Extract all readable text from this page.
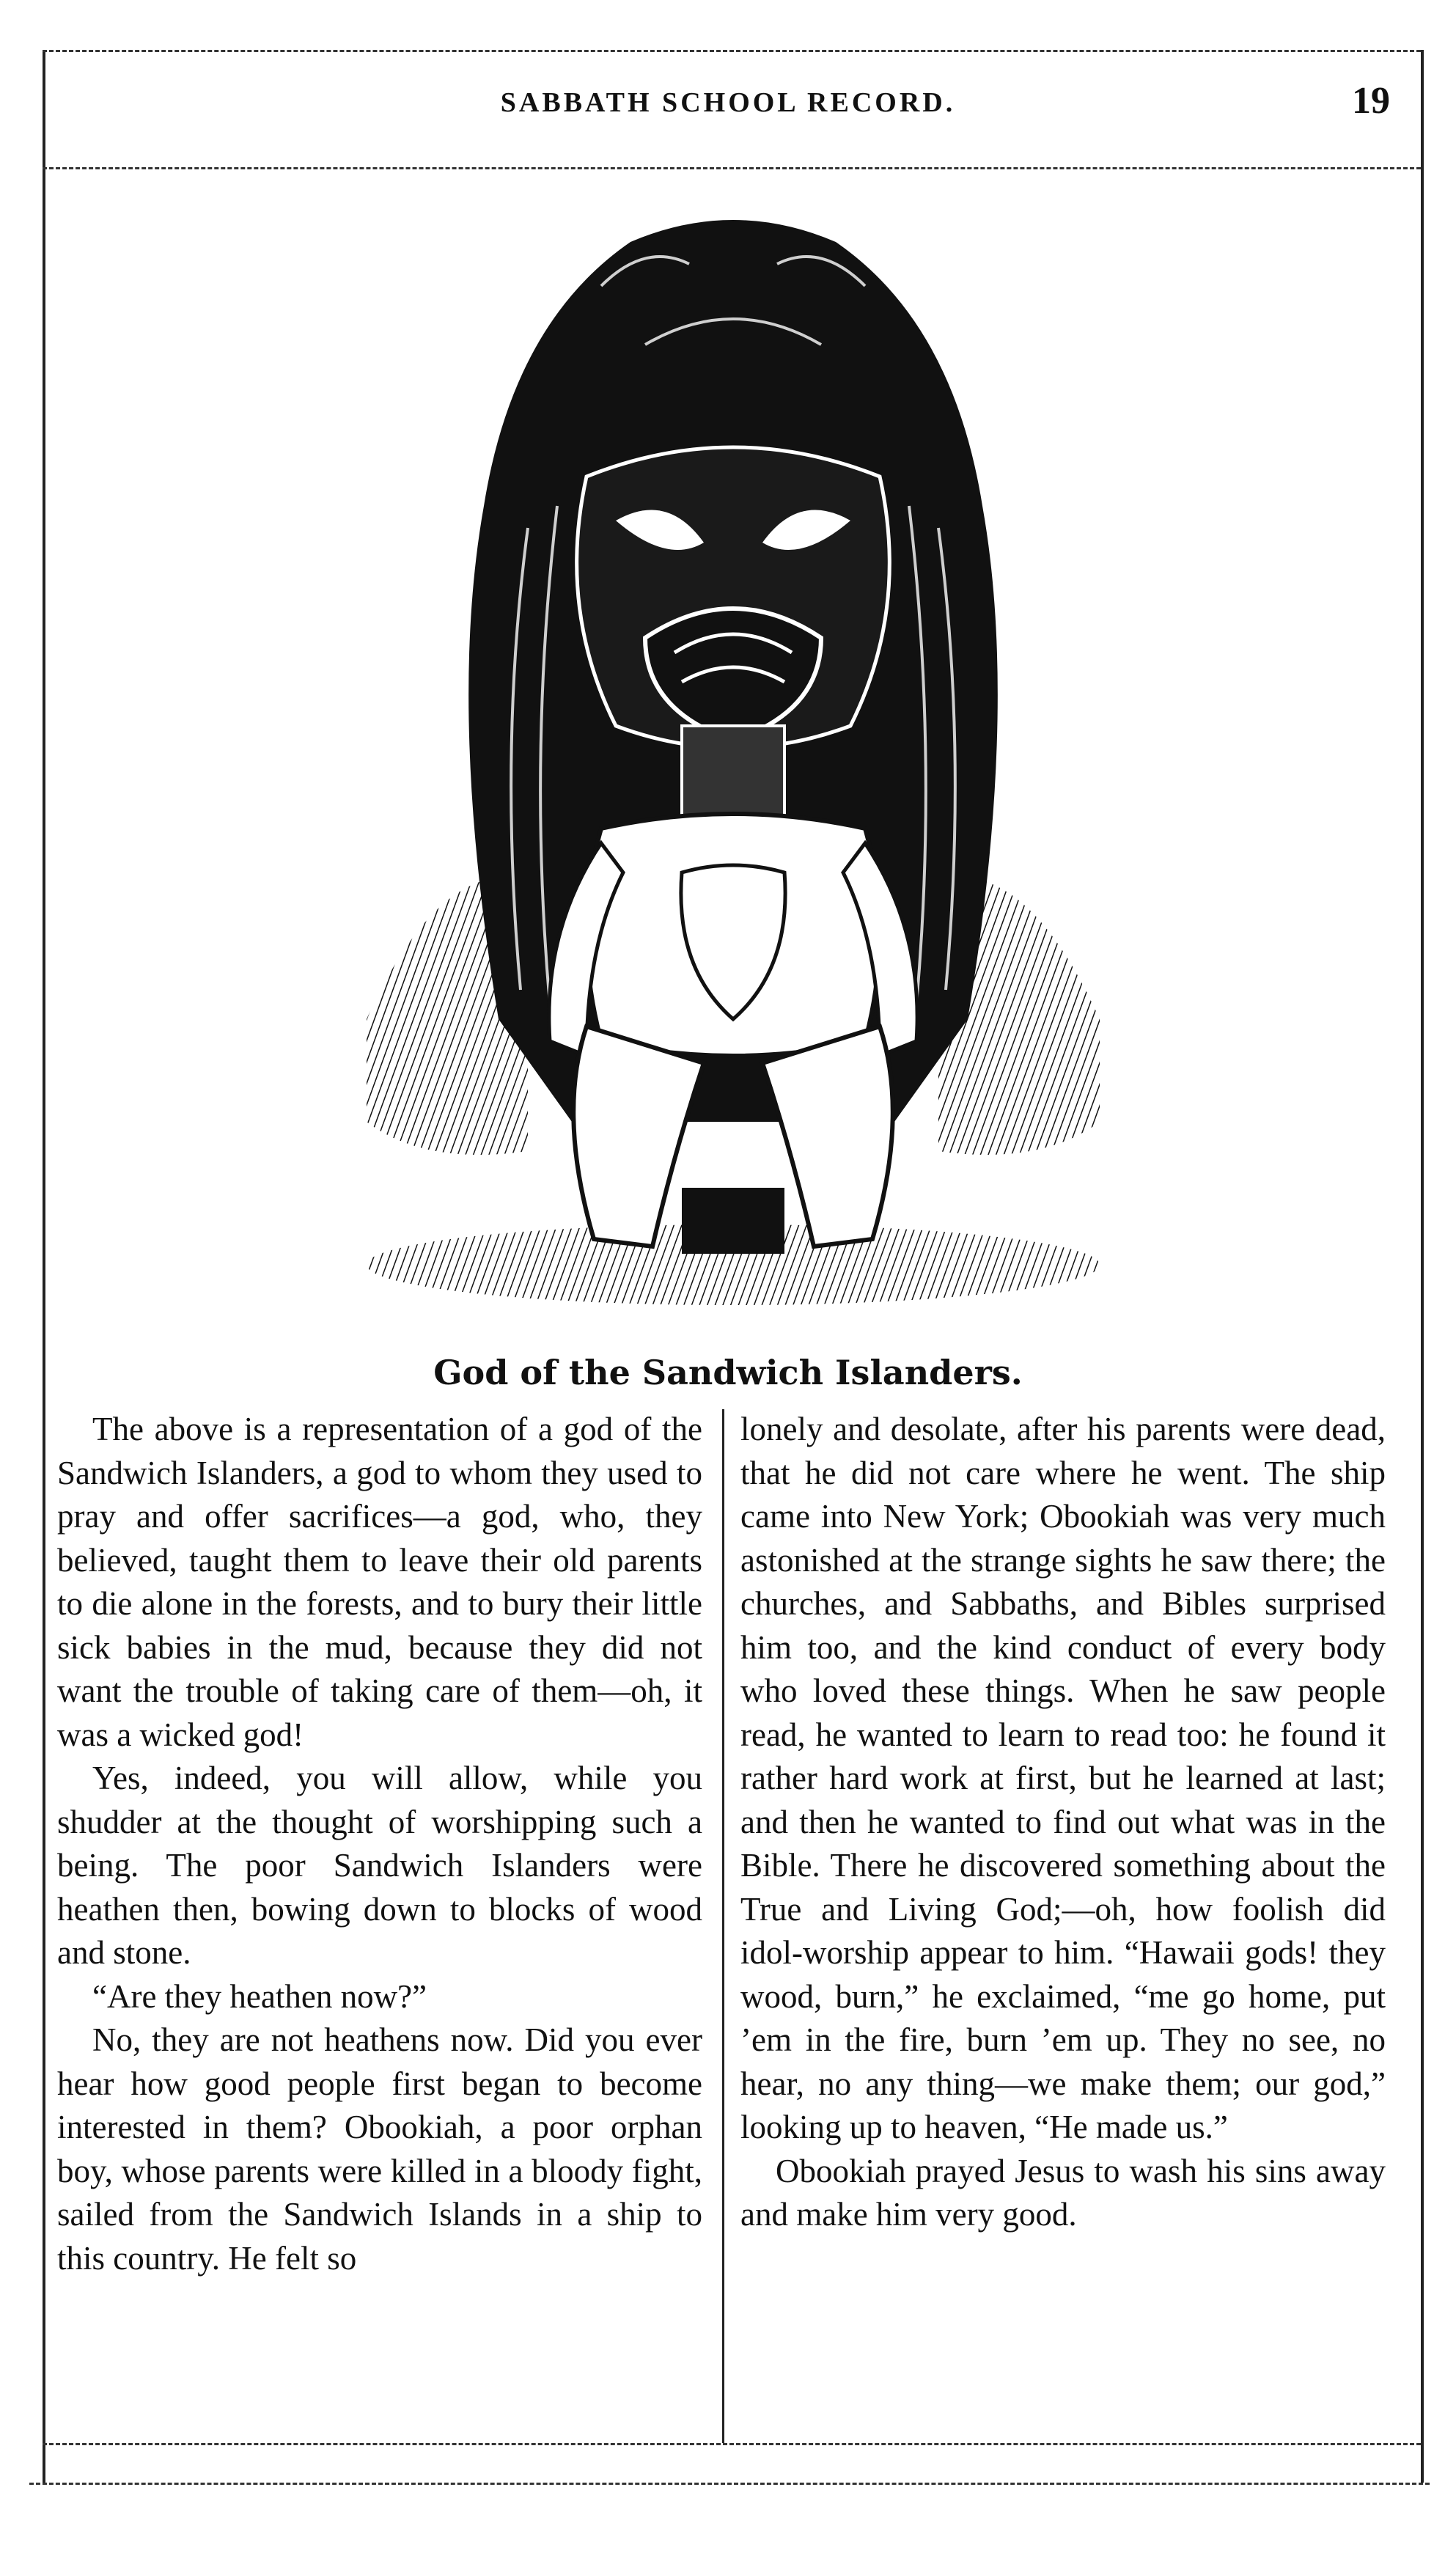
SABBATH SCHOOL RECORD.	19
God of the Sandwich Islanders.

The above is a representation of a god of the Sandwich Islanders, a god to whom they used to pray and offer sacrifices—a god, who, they believed, taught them to leave their old parents to die alone in the forests, and to bury their little sick babies in the mud, because they did not want the trouble of taking care of them—oh, it was a wicked god!

Yes, indeed, you will allow, while you shudder at the thought of worshipping such a being. The poor Sandwich Islanders were heathen then, bowing down to blocks of wood and stone.

“Are they heathen now?”

No, they are not heathens now. Did you ever hear how good people first began to become interested in them? Obookiah, a poor orphan boy, whose parents were killed in a bloody fight, sailed from the Sandwich Islands in a ship to this country. He felt so

lonely and desolate, after his parents were dead, that he did not care where he went. The ship came into New York; Obookiah was very much astonished at the strange sights he saw there; the churches, and Sabbaths, and Bibles surprised him too, and the kind conduct of every body who loved these things. When he saw people read, he wanted to learn to read too: he found it rather hard work at first, but he learned at last; and then he wanted to find out what was in the Bible. There he discovered something about the True and Living God;—oh, how foolish did idol-worship appear to him. “Hawaii gods! they wood, burn,” he exclaimed, “me go home, put ’em in the fire, burn ’em up. They no see, no hear, no any thing—we make them; our god,” looking up to heaven, “He made us.”

Obookiah prayed Jesus to wash his sins away and make him very good.
